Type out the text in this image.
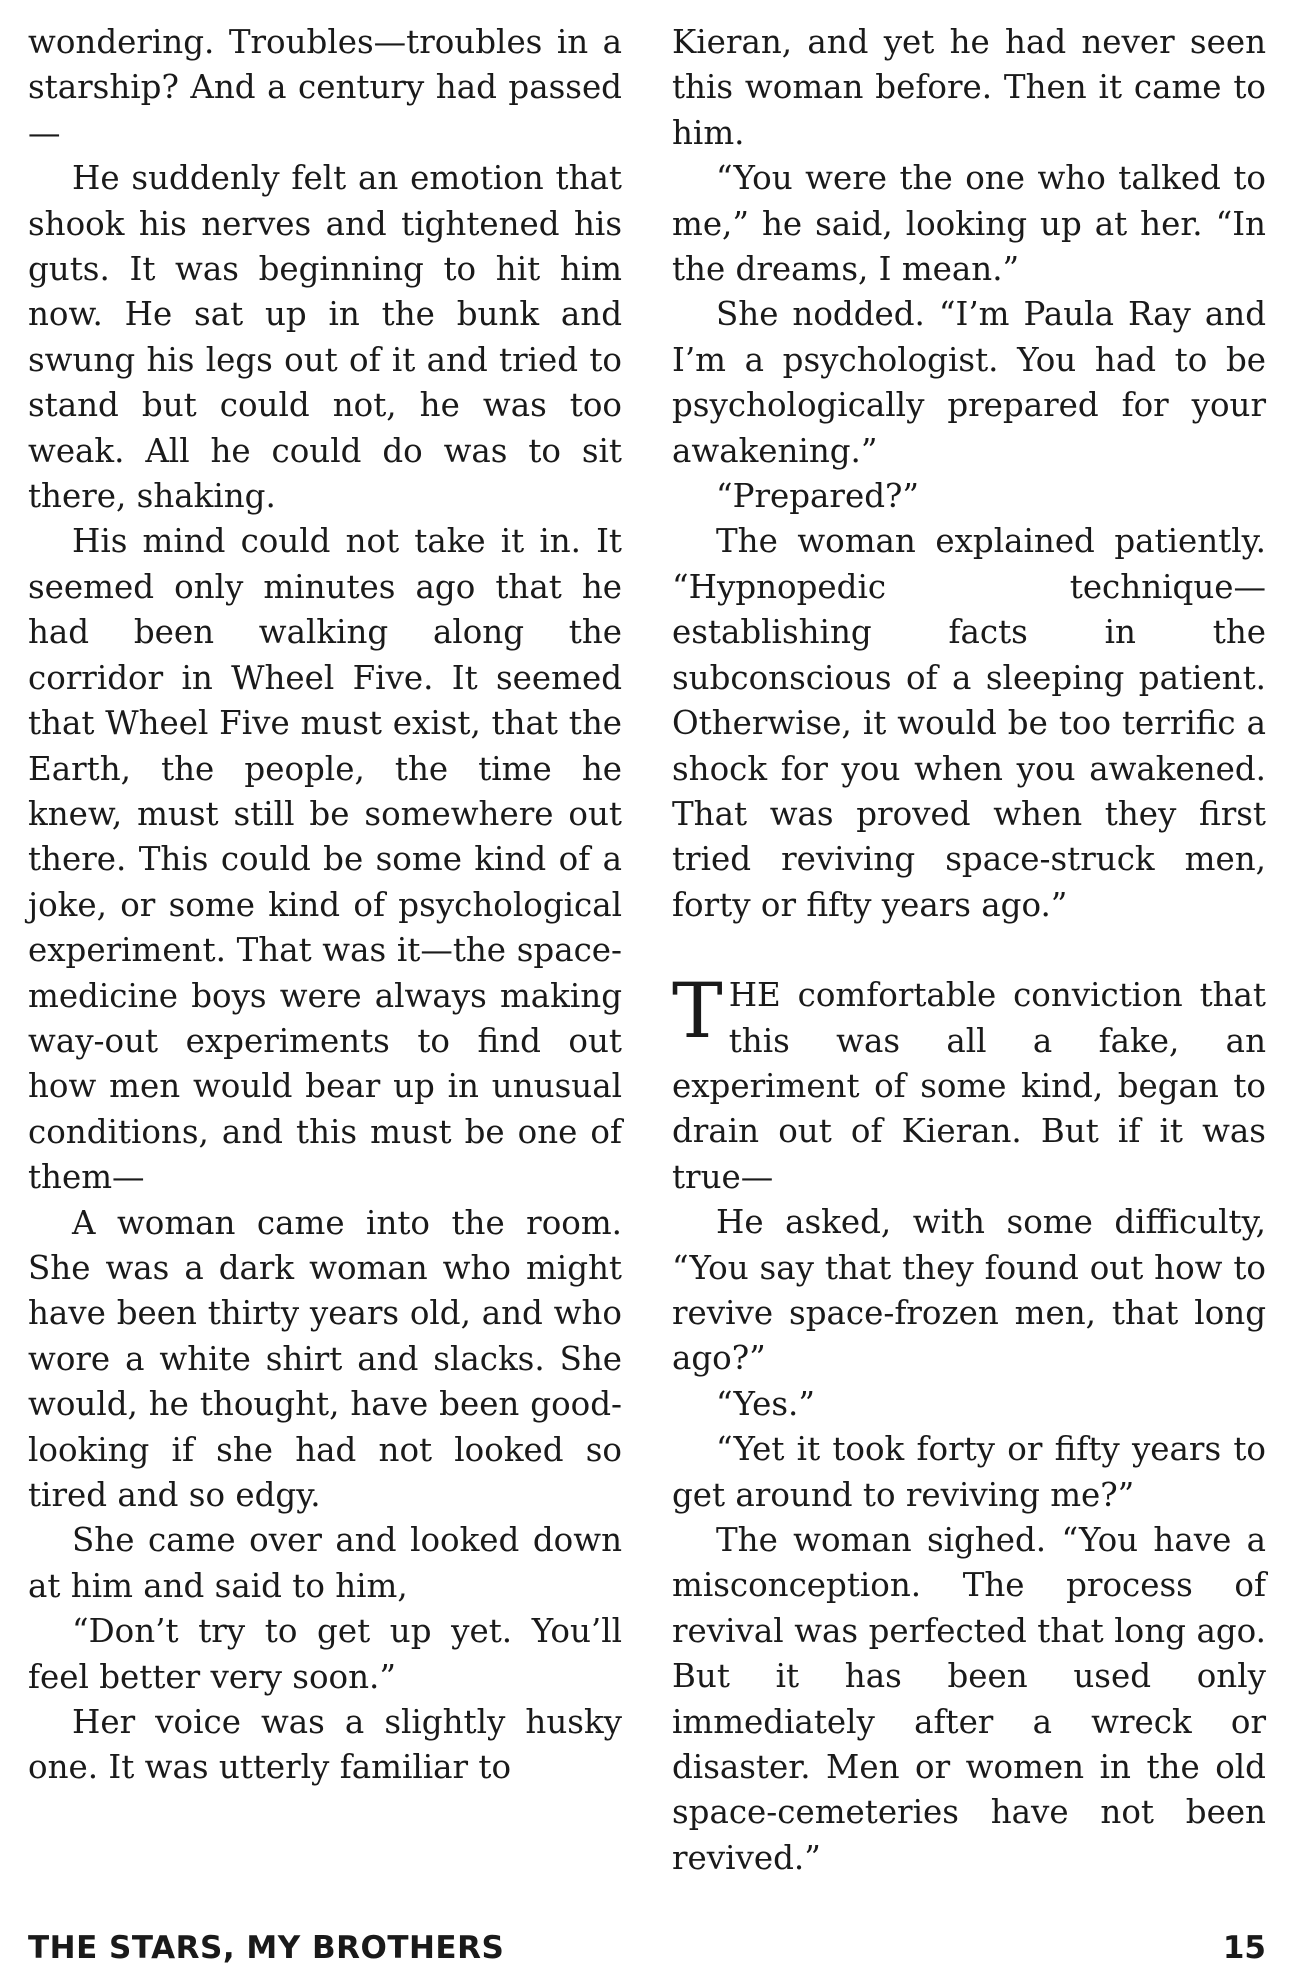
wondering. Troubles—troubles in a starship? And a century had passed—

He suddenly felt an emotion that shook his nerves and tightened his guts. It was beginning to hit him now. He sat up in the bunk and swung his legs out of it and tried to stand but could not, he was too weak. All he could do was to sit there, shaking.

His mind could not take it in. It seemed only minutes ago that he had been walking along the corridor in Wheel Five. It seemed that Wheel Five must exist, that the Earth, the people, the time he knew, must still be somewhere out there. This could be some kind of a joke, or some kind of psychological experiment. That was it—the space-medicine boys were always making way-out experiments to find out how men would bear up in unusual conditions, and this must be one of them—

A woman came into the room. She was a dark woman who might have been thirty years old, and who wore a white shirt and slacks. She would, he thought, have been good-looking if she had not looked so tired and so edgy.

She came over and looked down at him and said to him,

“Don’t try to get up yet. You’ll feel better very soon.”

Her voice was a slightly husky one. It was utterly familiar to

Kieran, and yet he had never seen this woman before. Then it came to him.

“You were the one who talked to me,” he said, looking up at her. “In the dreams, I mean.”

She nodded. “I’m Paula Ray and I’m a psychologist. You had to be psychologically prepared for your awakening.”

“Prepared?”

The woman explained patiently. “Hypnopedic technique—establishing facts in the subconscious of a sleeping patient. Otherwise, it would be too terrific a shock for you when you awakened. That was proved when they first tried reviving space-struck men, forty or fifty years ago.”

THE comfortable conviction that this was all a fake, an experiment of some kind, began to drain out of Kieran. But if it was true—

He asked, with some difficulty, “You say that they found out how to revive space-frozen men, that long ago?”

“Yes.”

“Yet it took forty or fifty years to get around to reviving me?”

The woman sighed. “You have a misconception. The process of revival was perfected that long ago. But it has been used only immediately after a wreck or disaster. Men or women in the old space-cemeteries have not been revived.”

THE STARS, MY BROTHERS	15
